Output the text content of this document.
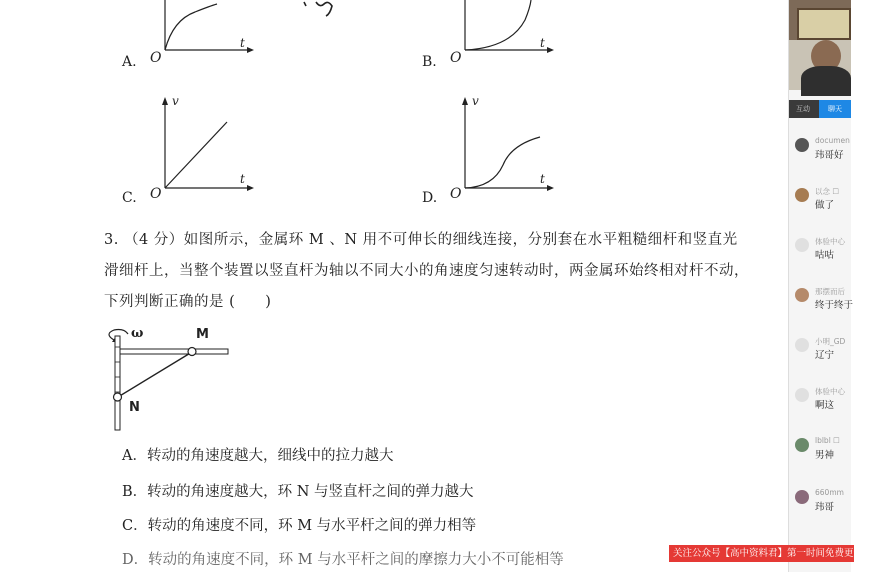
A. O
t
B. O
t
v
C. O
t
v
D. O
t
3. （4 分）如图所示，金属环 M 、N 用不可伸长的细线连接，分别套在水平粗糙细杆和竖直光
滑细杆上，当整个装置以竖直杆为轴以不同大小的角速度匀速转动时，两金属环始终相对杆不动，
下列判断正确的是 (　　)
ω	M
N
A．转动的角速度越大，细线中的拉力越大
B．转动的角速度越大，环 N 与竖直杆之间的弹力越大
C．转动的角速度不同，环 M 与水平杆之间的弹力相等
D．转动的角速度不同，环 M 与水平杆之间的摩擦力大小不可能相等
互动	聊天
documen
玮哥好
以念 ☐
做了
体验中心
咕咕
那摆而后
终于终于
小明_GD
辽宁
体验中心
啊这
lblbl ☐
男神
660mm
玮哥
关注公众号【高中资料君】第一时间免费更新师题课
